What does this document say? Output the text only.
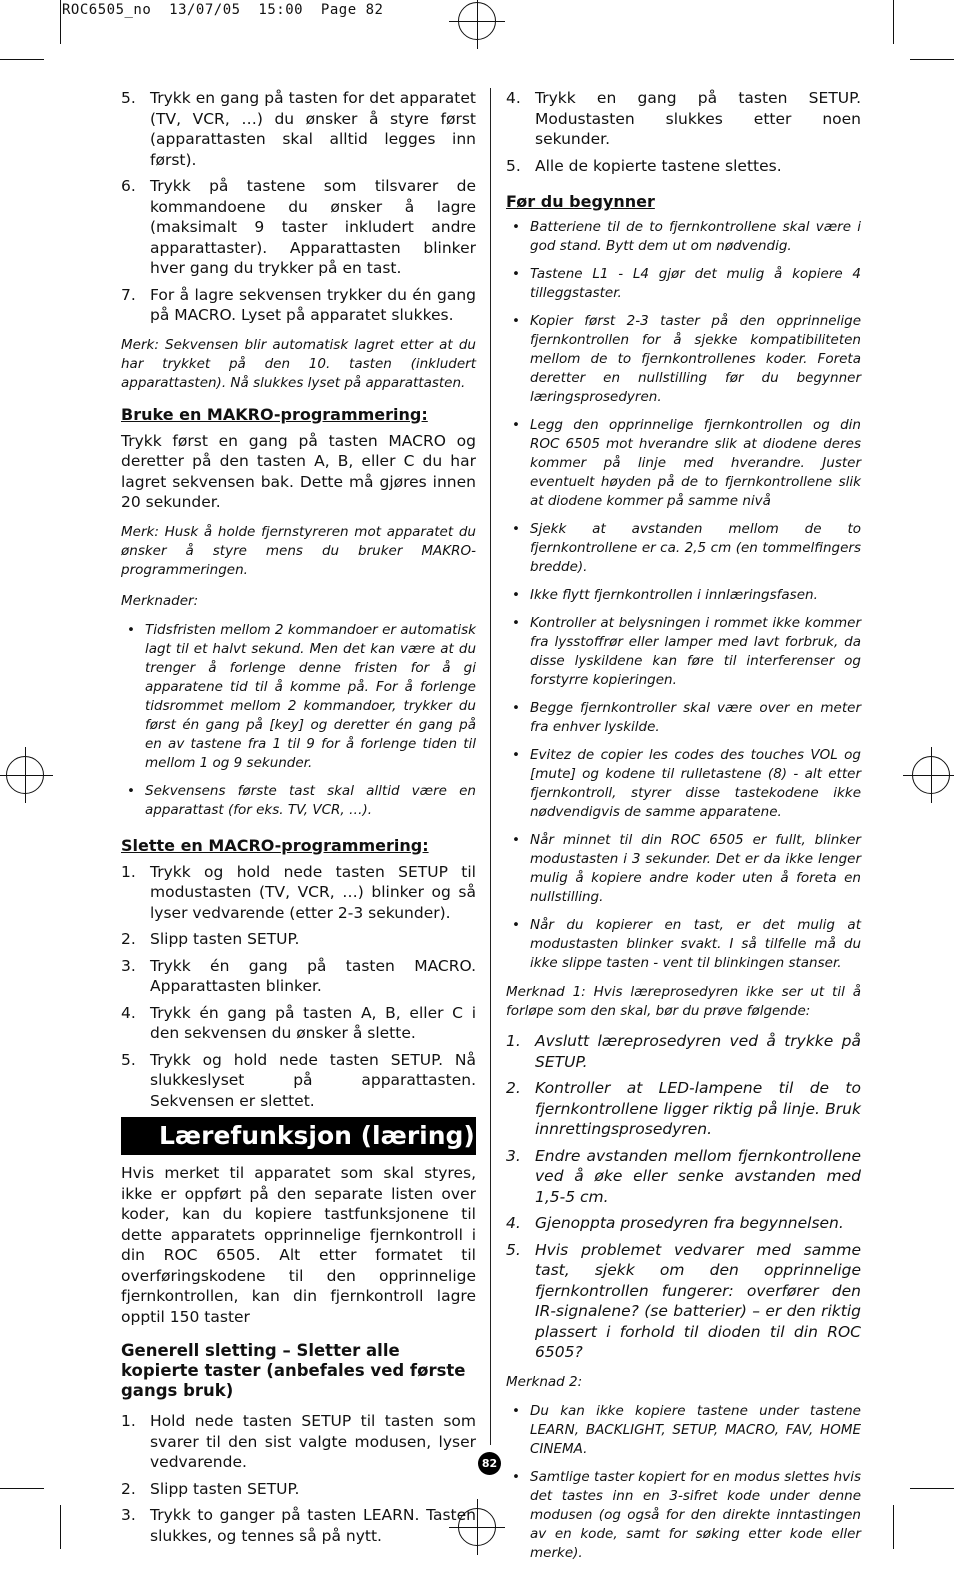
ROC6505_no  13/07/05  15:00  Page 82
5. Trykk en gang på tasten for det apparatet (TV, VCR, …) du ønsker å styre først (apparattasten skal alltid legges inn først).
6. Trykk på tastene som tilsvarer de kommandoene du ønsker å lagre (maksimalt 9 taster inkludert andre apparattaster). Apparattasten blinker hver gang du trykker på en tast.
7. For å lagre sekvensen trykker du én gang på MACRO. Lyset på apparatet slukkes.

Merk: Sekvensen blir automatisk lagret etter at du har trykket på den 10. tasten (inkludert apparattasten). Nå slukkes lyset på apparattasten.

Bruke en MAKRO-programmering:

Trykk først en gang på tasten MACRO og deretter på den tasten A, B, eller C du har lagret sekvensen bak. Dette må gjøres innen 20 sekunder.

Merk: Husk å holde fjernstyreren mot apparatet du ønsker å styre mens du bruker MAKRO-programmeringen.

Merknader:

• Tidsfristen mellom 2 kommandoer er automatisk lagt til et halvt sekund. Men det kan være at du trenger å forlenge denne fristen for å gi apparatene tid til å komme på. For å forlenge tidsrommet mellom 2 kommandoer, trykker du først én gang på [key] og deretter én gang på en av tastene fra 1 til 9 for å forlenge tiden til mellom 1 og 9 sekunder.
• Sekvensens første tast skal alltid være en apparattast (for eks. TV, VCR, …).
Slette en MACRO-programmering:
1. Trykk og hold nede tasten SETUP til modustasten (TV, VCR, …) blinker og så lyser vedvarende (etter 2-3 sekunder).
2. Slipp tasten SETUP.
3. Trykk én gang på tasten MACRO. Apparattasten blinker.
4. Trykk én gang på tasten A, B, eller C i den sekvensen du ønsker å slette.
5. Trykk og hold nede tasten SETUP. Nå slukkeslyset på apparattasten. Sekvensen er slettet.
Lærefunksjon (læring)

Hvis merket til apparatet som skal styres, ikke er oppført på den separate listen over koder, kan du kopiere tastfunksjonene til dette apparatets opprinnelige fjernkontroll i din ROC 6505. Alt etter formatet til overføringskodene til den opprinnelige fjernkontrollen, kan din fjernkontroll lagre opptil 150 taster

Generell sletting – Sletter alle kopierte taster (anbefales ved første gangs bruk)
1. Hold nede tasten SETUP til tasten som svarer til den sist valgte modusen, lyser vedvarende.
2. Slipp tasten SETUP.
3. Trykk to ganger på tasten LEARN. Tasten slukkes, og tennes så på nytt.
4. Trykk en gang på tasten SETUP. Modustasten slukkes etter noen sekunder.
5. Alle de kopierte tastene slettes.
Før du begynner
• Batteriene til de to fjernkontrollene skal være i god stand. Bytt dem ut om nødvendig.
• Tastene L1 - L4 gjør det mulig å kopiere 4 tilleggstaster.
• Kopier først 2-3 taster på den opprinnelige fjernkontrollen for å sjekke kompatibiliteten mellom de to fjernkontrollenes koder. Foreta deretter en nullstilling før du begynner læringsprosedyren.
• Legg den opprinnelige fjernkontrollen og din ROC 6505 mot hverandre slik at diodene deres kommer på linje med hverandre. Juster eventuelt høyden på de to fjernkontrollene slik at diodene kommer på samme nivå
• Sjekk at avstanden mellom de to fjernkontrollene er ca. 2,5 cm (en tommelfingers bredde).
• Ikke flytt fjernkontrollen i innlæringsfasen.
• Kontroller at belysningen i rommet ikke kommer fra lysstoffrør eller lamper med lavt forbruk, da disse lyskildene kan føre til interferenser og forstyrre kopieringen.
• Begge fjernkontroller skal være over en meter fra enhver lyskilde.
• Evitez de copier les codes des touches VOL og [mute] og kodene til rulletastene (8) - alt etter fjernkontroll, styrer disse tastekodene ikke nødvendigvis de samme apparatene.
• Når minnet til din ROC 6505 er fullt, blinker modustasten i 3 sekunder. Det er da ikke lenger mulig å kopiere andre koder uten å foreta en nullstilling.
• Når du kopierer en tast, er det mulig at modustasten blinker svakt. I så tilfelle må du ikke slippe tasten - vent til blinkingen stanser.

Merknad 1: Hvis læreprosedyren ikke ser ut til å forløpe som den skal, bør du prøve følgende:

1. Avslutt læreprosedyren ved å trykke på SETUP.
2. Kontroller at LED-lampene til de to fjernkontrollene ligger riktig på linje. Bruk innrettingsprosedyren.
3. Endre avstanden mellom fjernkontrollene ved å øke eller senke avstanden med 1,5-5 cm.
4. Gjenoppta prosedyren fra begynnelsen.
5. Hvis problemet vedvarer med samme tast, sjekk om den opprinnelige fjernkontrollen fungerer: overfører den IR-signalene? (se batterier) – er den riktig plassert i forhold til dioden til din ROC 6505?

Merknad 2:

• Du kan ikke kopiere tastene under tastene LEARN, BACKLIGHT, SETUP, MACRO, FAV, HOME CINEMA.
• Samtlige taster kopiert for en modus slettes hvis det tastes inn en 3-sifret kode under denne modusen (og også for den direkte inntastingen av en kode, samt for søking etter kode eller merke).
82
